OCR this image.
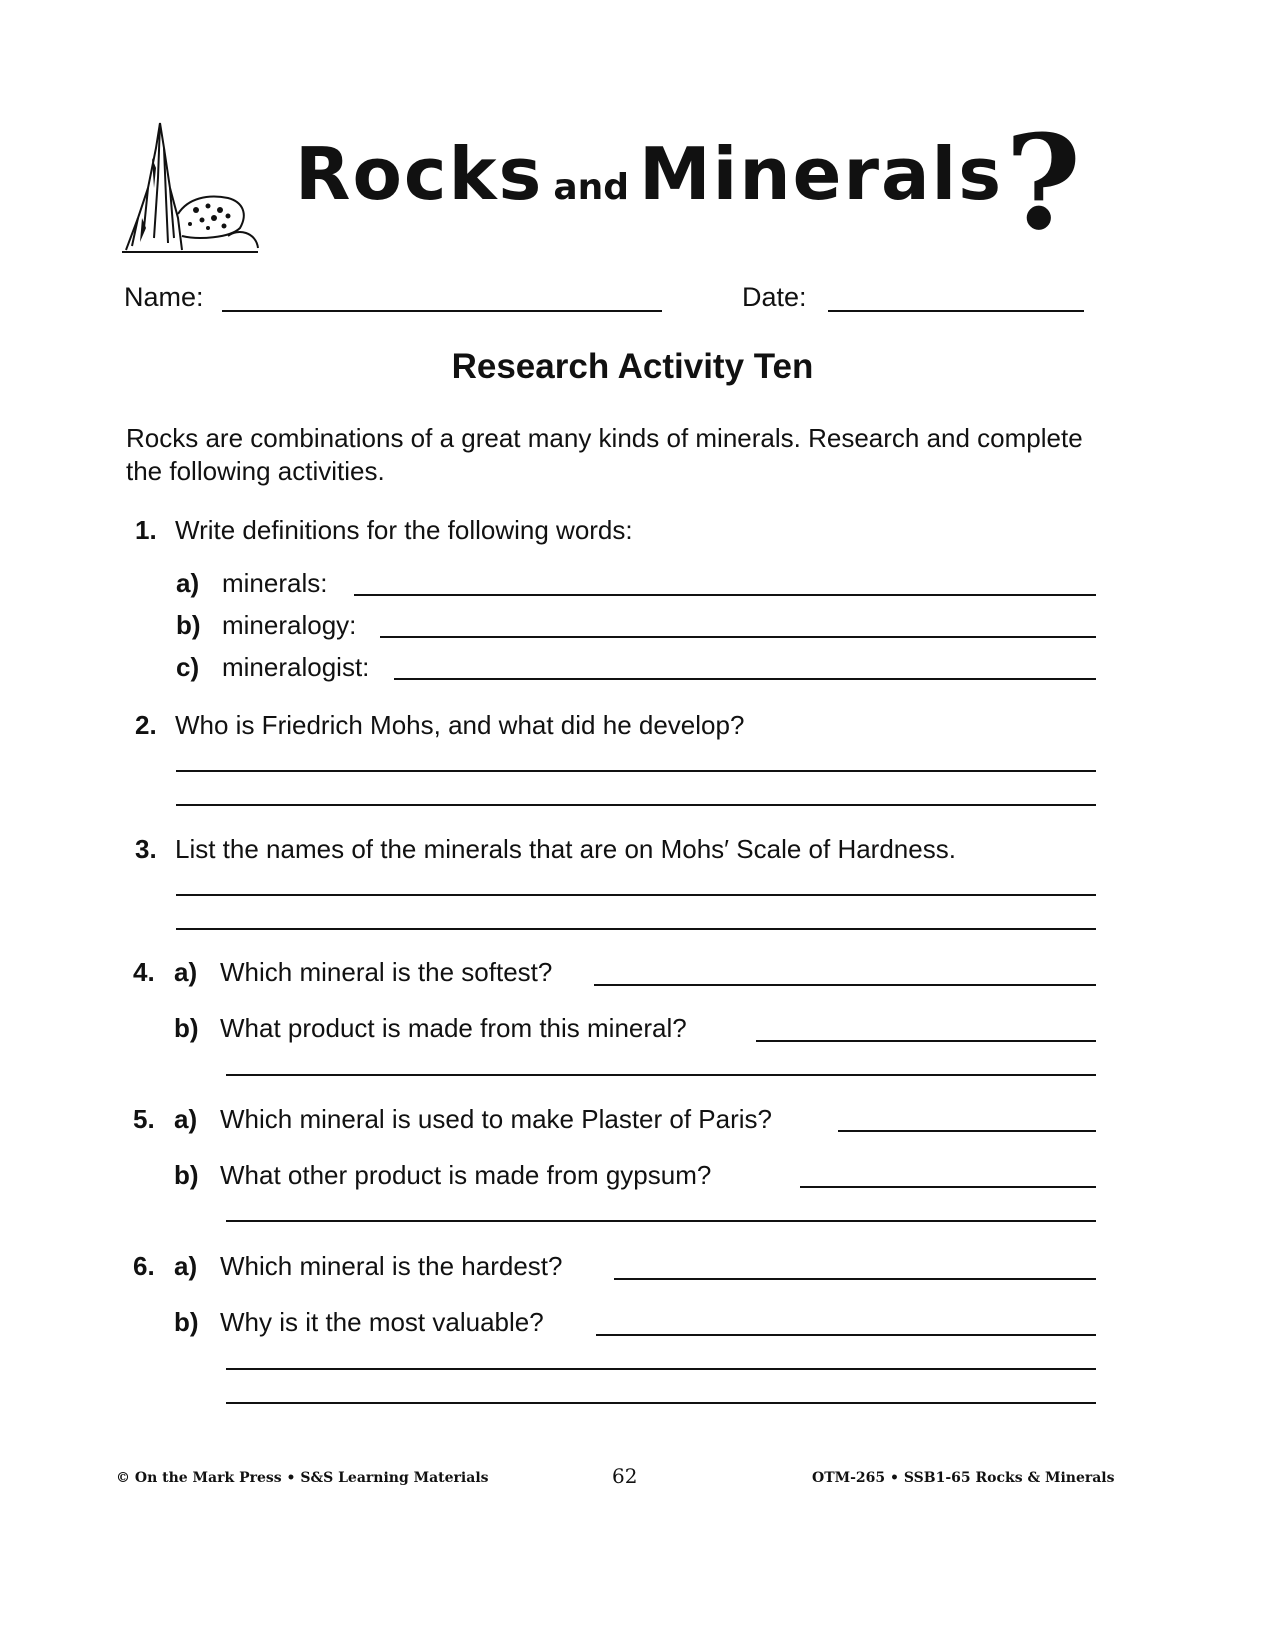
Rocks and Minerals ?
Name:	Date:
Research Activity Ten
Rocks are combinations of a great many kinds of minerals. Research and complete the following activities.
1. Write definitions for the following words:
a) minerals:
b) mineralogy:
c) mineralogist:
2. Who is Friedrich Mohs, and what did he develop?
3. List the names of the minerals that are on Mohs′ Scale of Hardness.
4. a) Which mineral is the softest?
b) What product is made from this mineral?
5. a) Which mineral is used to make Plaster of Paris?
b) What other product is made from gypsum?
6. a) Which mineral is the hardest?
b) Why is it the most valuable?
© On the Mark Press • S&S Learning Materials	62	OTM-265 • SSB1-65 Rocks & Minerals
